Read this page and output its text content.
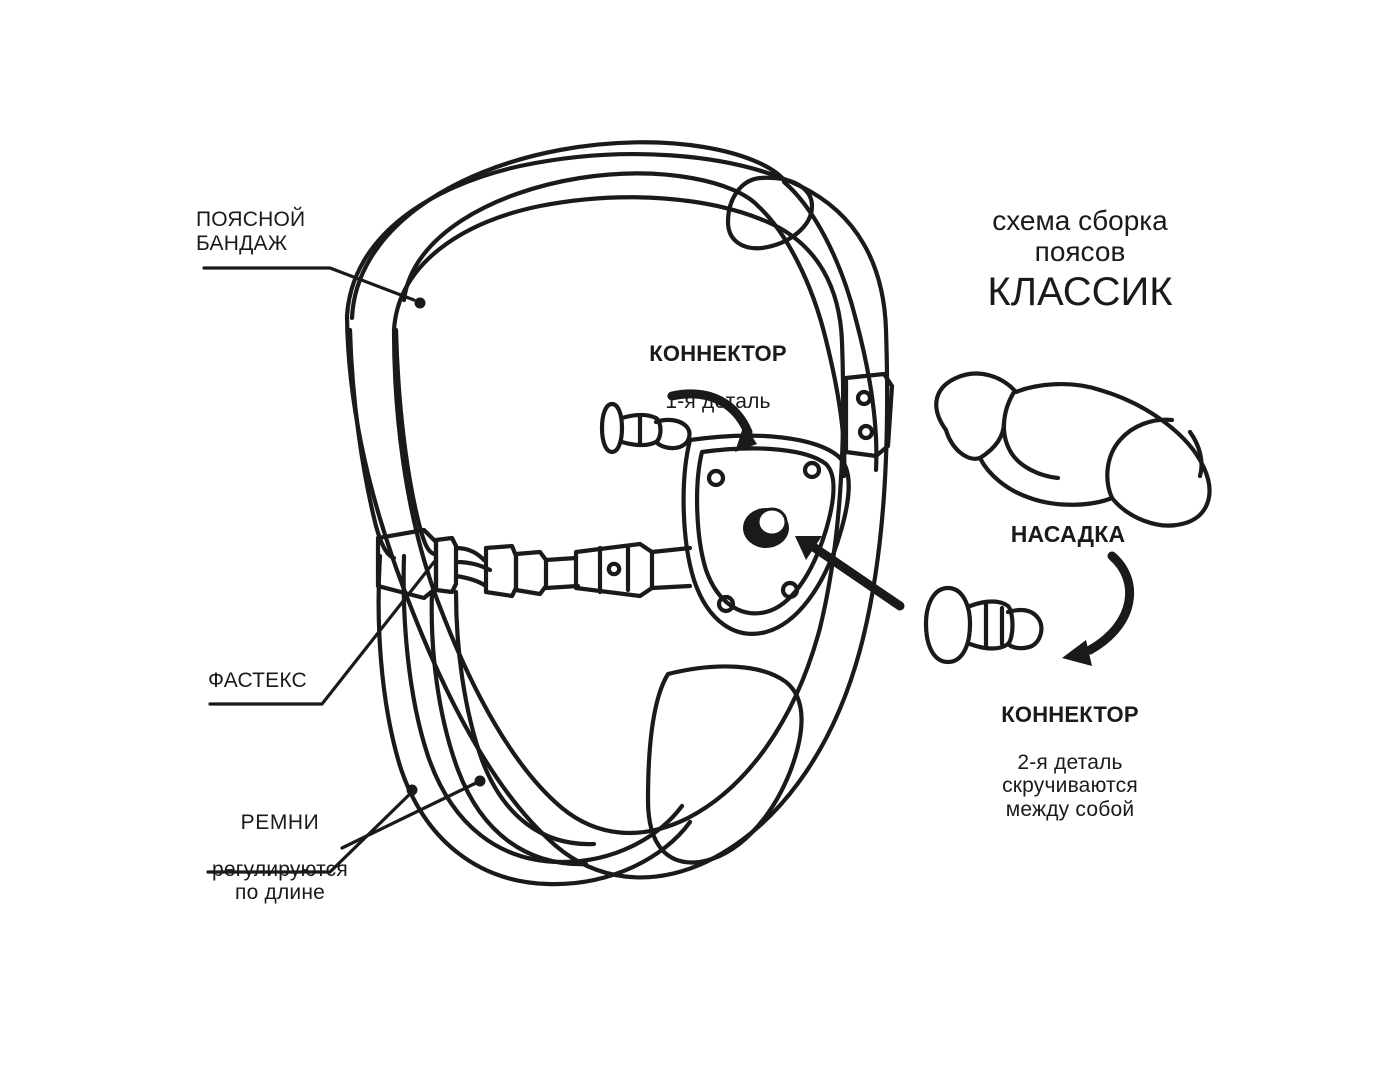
схема сборка
поясов
КЛАССИК
ПОЯСНОЙ
БАНДАЖ

КОННЕКТОР

1-я деталь

ФАСТЕКС

РЕМНИ

регулируются
по длине

НАСАДКА

КОННЕКТОР

2-я деталь
скручиваются
между собой
